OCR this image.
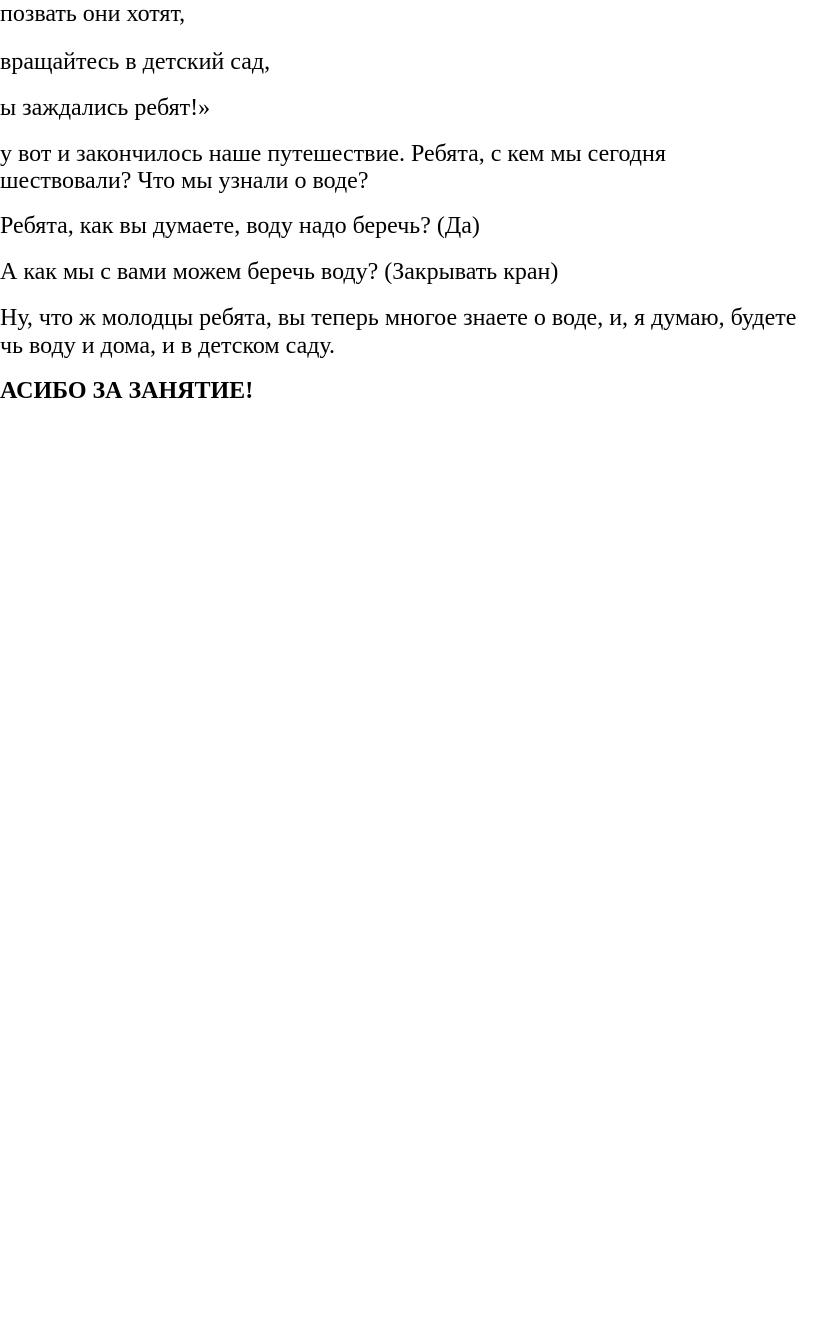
позвать они хотят,

вращайтесь в детский сад,

ы заждались ребят!»

у вот и закончилось наше путешествие. Ребята, с кем мы сегодня

шествовали? Что мы узнали о воде?

Ребята, как вы думаете, воду надо беречь? (Да)

А как мы с вами можем беречь воду? (Закрывать кран)

Ну, что ж молодцы ребята, вы теперь многое знаете о воде, и, я думаю, будете

чь воду и дома, и в детском саду.

АСИБО ЗА ЗАНЯТИЕ!
